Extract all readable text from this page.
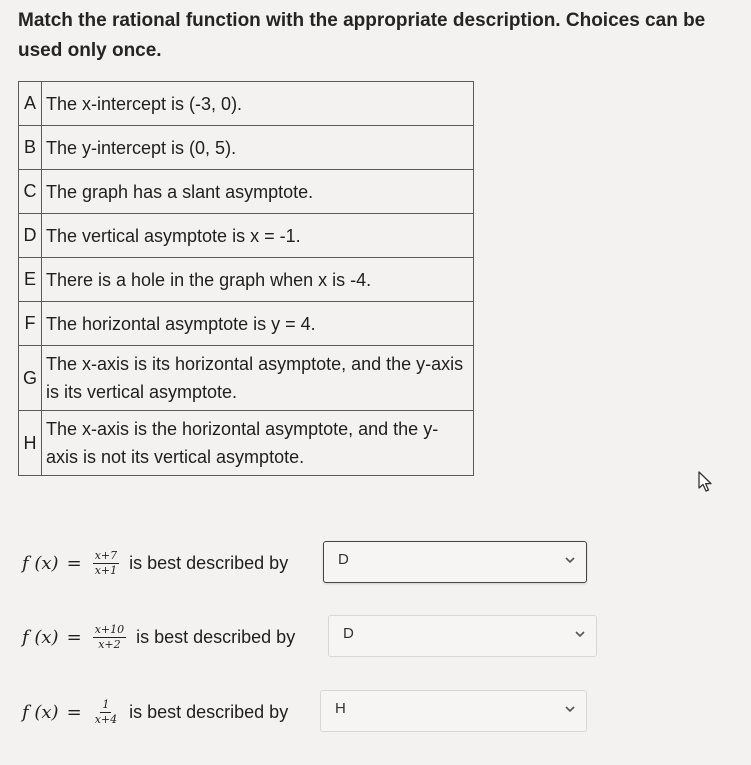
Match the rational function with the appropriate description. Choices can be used only once.
A	The x-intercept is (-3, 0).
B	The y-intercept is (0, 5).
C	The graph has a slant asymptote.
D	The vertical asymptote is x = -1.
E	There is a hole in the graph when x is -4.
F	The horizontal asymptote is y = 4.
G	The x-axis is its horizontal asymptote, and the y-axis is its vertical asymptote.
H	The x-axis is the horizontal asymptote, and the y-axis is not its vertical asymptote.
f $(x) = \frac{x+7}{x+1}$ is best described by	D
f $(x) = \frac{x+10}{x+2}$ is best described by	D
f $(x) = \frac{1}{x+4}$ is best described by	H
